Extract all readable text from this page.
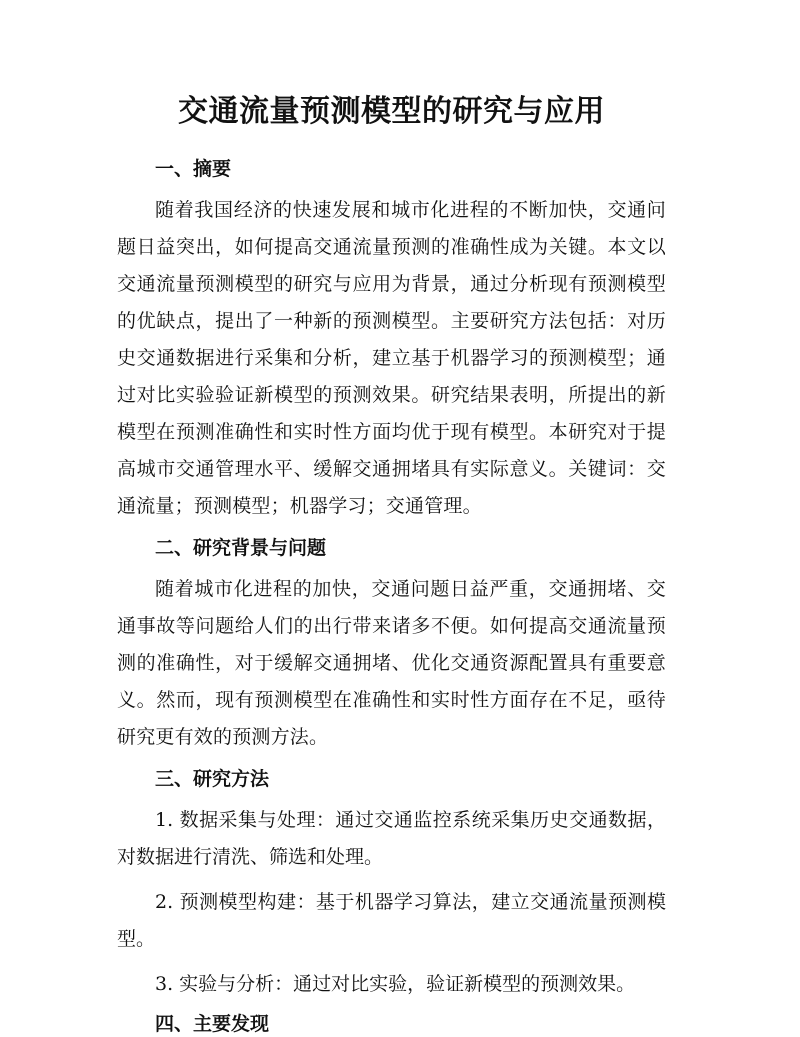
交通流量预测模型的研究与应用
一、摘要

随着我国经济的快速发展和城市化进程的不断加快，交通问题日益突出，如何提高交通流量预测的准确性成为关键。本文以交通流量预测模型的研究与应用为背景，通过分析现有预测模型的优缺点，提出了一种新的预测模型。主要研究方法包括：对历史交通数据进行采集和分析，建立基于机器学习的预测模型；通过对比实验验证新模型的预测效果。研究结果表明，所提出的新模型在预测准确性和实时性方面均优于现有模型。本研究对于提高城市交通管理水平、缓解交通拥堵具有实际意义。关键词：交通流量；预测模型；机器学习；交通管理。

二、研究背景与问题

随着城市化进程的加快，交通问题日益严重，交通拥堵、交通事故等问题给人们的出行带来诸多不便。如何提高交通流量预测的准确性，对于缓解交通拥堵、优化交通资源配置具有重要意义。然而，现有预测模型在准确性和实时性方面存在不足，亟待研究更有效的预测方法。

三、研究方法

1. 数据采集与处理：通过交通监控系统采集历史交通数据，对数据进行清洗、筛选和处理。

2. 预测模型构建：基于机器学习算法，建立交通流量预测模型。

3. 实验与分析：通过对比实验，验证新模型的预测效果。

四、主要发现
